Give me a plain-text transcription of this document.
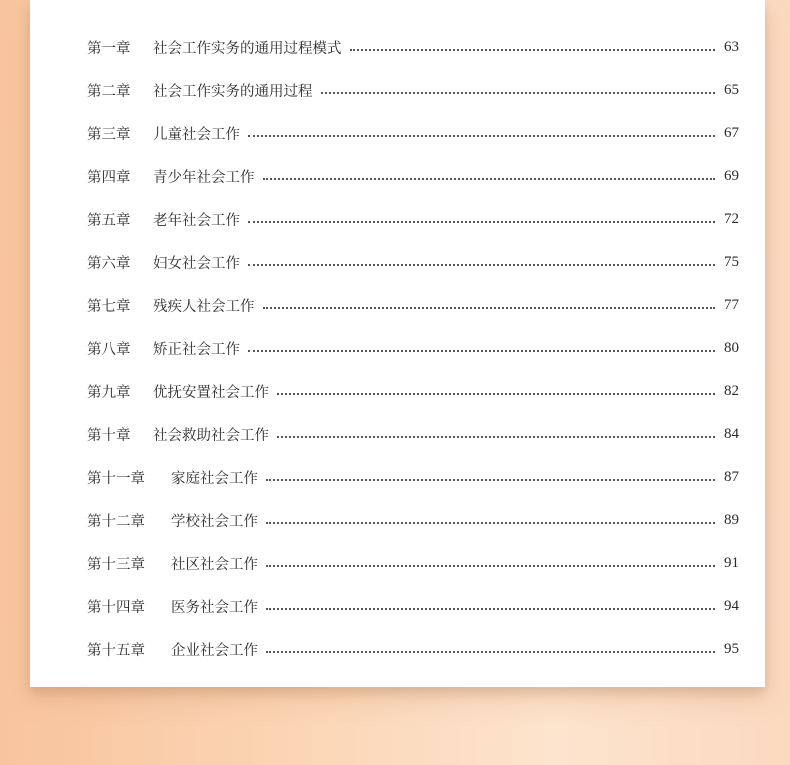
第一章	社会工作实务的通用过程模式	63
第二章	社会工作实务的通用过程	65
第三章	儿童社会工作	67
第四章	青少年社会工作	69
第五章	老年社会工作	72
第六章	妇女社会工作	75
第七章	残疾人社会工作	77
第八章	矫正社会工作	80
第九章	优抚安置社会工作	82
第十章	社会救助社会工作	84
第十一章	家庭社会工作	87
第十二章	学校社会工作	89
第十三章	社区社会工作	91
第十四章	医务社会工作	94
第十五章	企业社会工作	95
